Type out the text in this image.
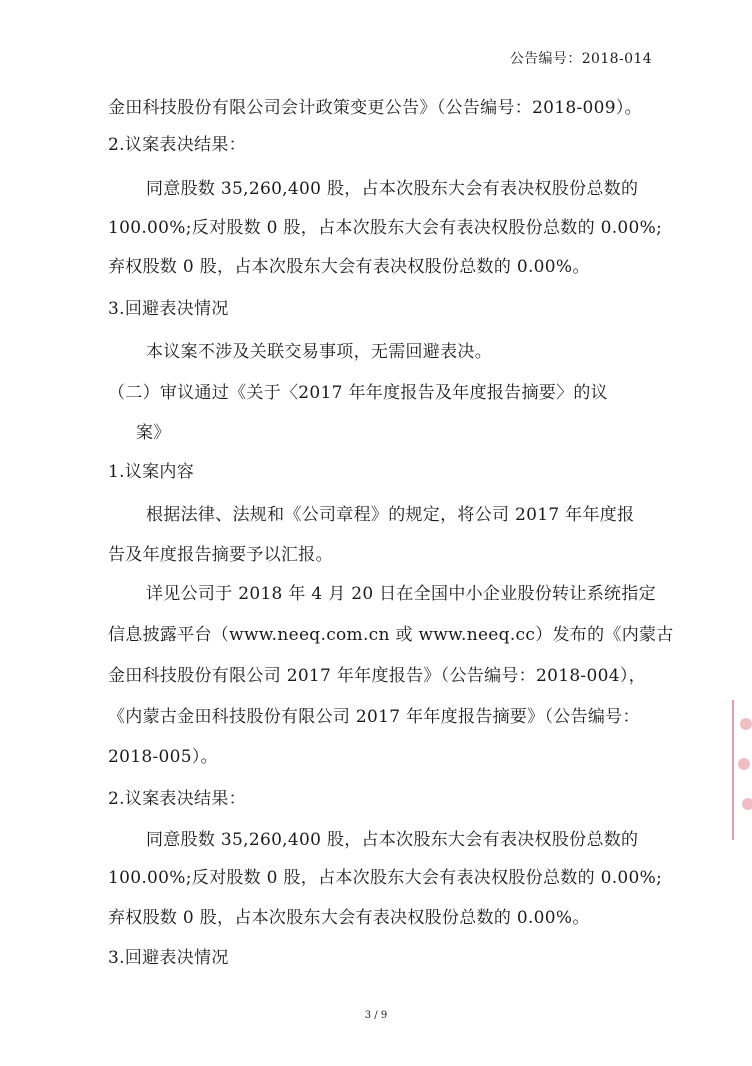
公告编号：2018-014
金田科技股份有限公司会计政策变更公告》（公告编号：2018-009）。
2.议案表决结果：
同意股数 35,260,400 股，占本次股东大会有表决权股份总数的
100.00%;反对股数 0 股，占本次股东大会有表决权股份总数的 0.00%;
弃权股数 0 股，占本次股东大会有表决权股份总数的 0.00%。
3.回避表决情况
本议案不涉及关联交易事项，无需回避表决。
（二）审议通过《关于〈2017 年年度报告及年度报告摘要〉的议
案》
1.议案内容
根据法律、法规和《公司章程》的规定，将公司 2017 年年度报
告及年度报告摘要予以汇报。
详见公司于 2018 年 4 月 20 日在全国中小企业股份转让系统指定
信息披露平台（www.neeq.com.cn 或 www.neeq.cc）发布的《内蒙古
金田科技股份有限公司 2017 年年度报告》（公告编号：2018-004），
《内蒙古金田科技股份有限公司 2017 年年度报告摘要》（公告编号：
2018-005）。
2.议案表决结果：
同意股数 35,260,400 股，占本次股东大会有表决权股份总数的
100.00%;反对股数 0 股，占本次股东大会有表决权股份总数的 0.00%;
弃权股数 0 股，占本次股东大会有表决权股份总数的 0.00%。
3.回避表决情况
3 / 9
